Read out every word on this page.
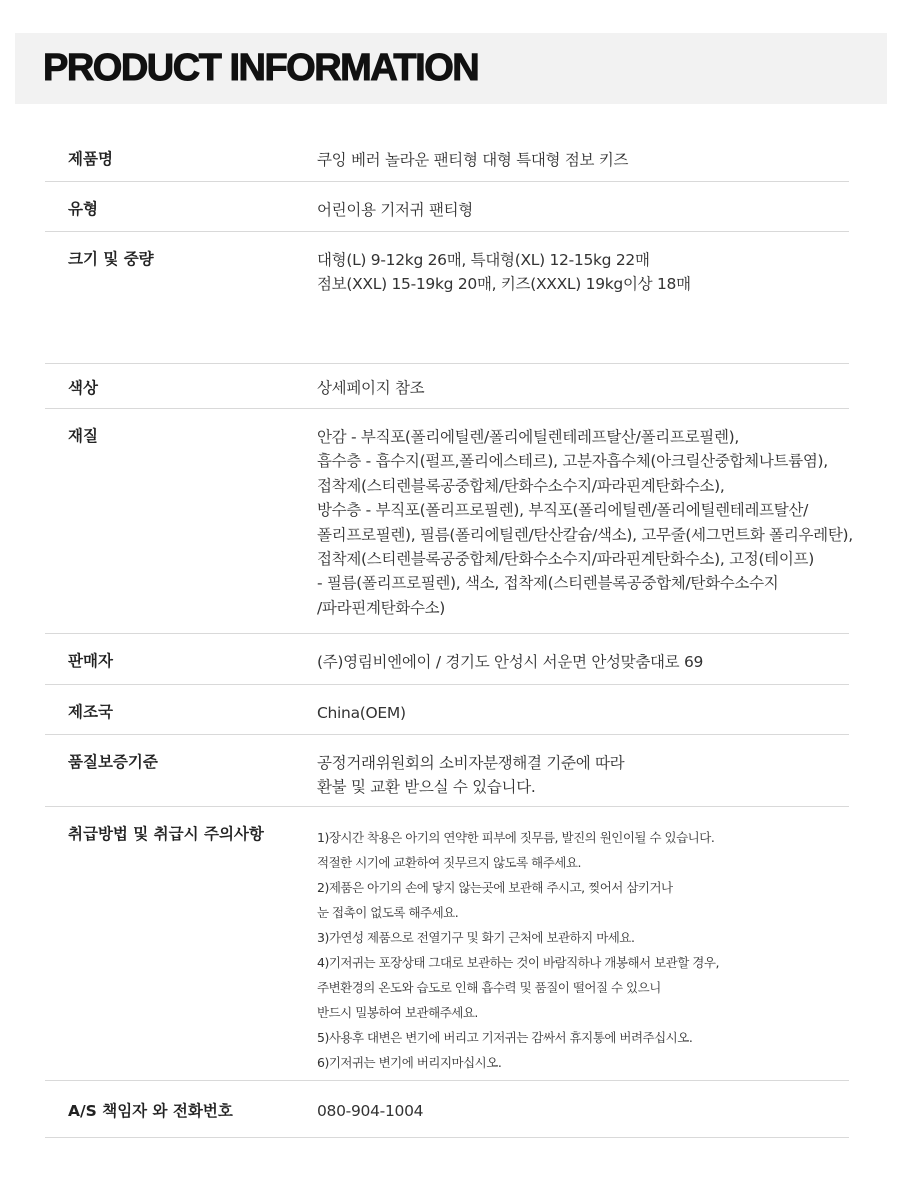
PRODUCT INFORMATION
제품명	쿠잉 베러 놀라운 팬티형 대형 특대형 점보 키즈
유형	어린이용 기저귀 팬티형
크기 및 중량	대형(L) 9-12kg 26매, 특대형(XL) 12-15kg 22매
점보(XXL) 15-19kg 20매, 키즈(XXXL) 19kg이상 18매
색상	상세페이지 참조
재질	안감 - 부직포(폴리에틸렌/폴리에틸렌테레프탈산/폴리프로필렌),
흡수층 - 흡수지(펄프,폴리에스테르), 고분자흡수체(아크릴산중합체나트륨염),
접착제(스티렌블록공중합체/탄화수소수지/파라핀계탄화수소),
방수층 - 부직포(폴리프로필렌), 부직포(폴리에틸렌/폴리에틸렌테레프탈산/
폴리프로필렌), 필름(폴리에틸렌/탄산칼슘/색소), 고무줄(세그먼트화 폴리우레탄),
접착제(스티렌블록공중합체/탄화수소수지/파라핀계탄화수소), 고정(테이프)
- 필름(폴리프로필렌), 색소, 접착제(스티렌블록공중합체/탄화수소수지
/파라핀계탄화수소)
판매자	(주)영림비엔에이 / 경기도 안성시 서운면 안성맞춤대로 69
제조국	China(OEM)
품질보증기준	공정거래위원회의 소비자분쟁해결 기준에 따라
환불 및 교환 받으실 수 있습니다.
취급방법 및 취급시 주의사항	1)장시간 착용은 아기의 연약한 피부에 짓무름, 발진의 원인이될 수 있습니다.
적절한 시기에 교환하여 짓무르지 않도록 해주세요.
2)제품은 아기의 손에 닿지 않는곳에 보관해 주시고, 찢어서 삼키거나
눈 접촉이 없도록 해주세요.
3)가연성 제품으로 전열기구 및 화기 근처에 보관하지 마세요.
4)기저귀는 포장상태 그대로 보관하는 것이 바람직하나 개봉해서 보관할 경우,
주변환경의 온도와 습도로 인해 흡수력 및 품질이 떨어질 수 있으니
반드시 밀봉하여 보관해주세요.
5)사용후 대변은 변기에 버리고 기저귀는 감싸서 휴지통에 버려주십시오.
6)기저귀는 변기에 버리지마십시오.
A/S 책임자 와 전화번호	080-904-1004
